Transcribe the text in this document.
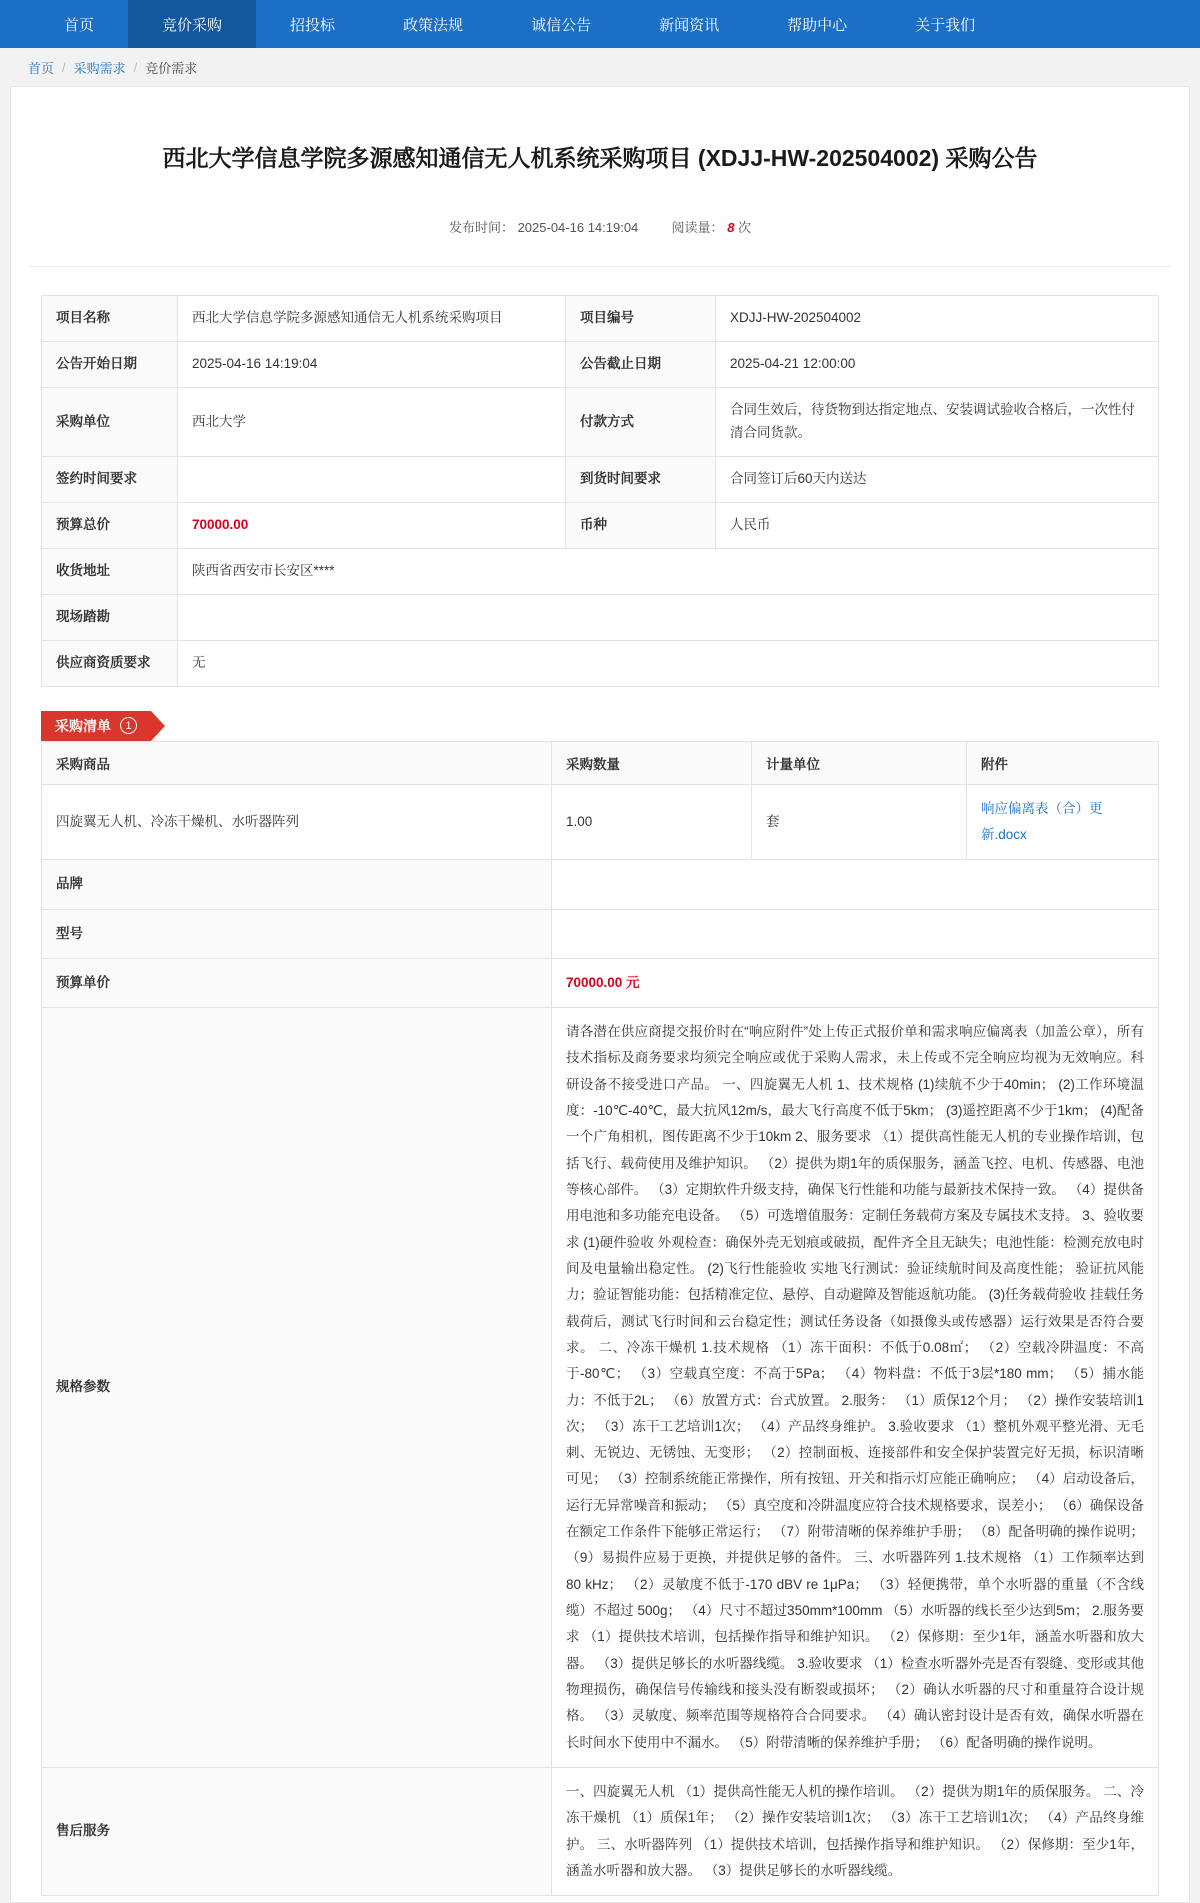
首页	竞价采购	招投标	政策法规	诚信公告	新闻资讯	帮助中心	关于我们
首页 / 采购需求 / 竞价需求
西北大学信息学院多源感知通信无人机系统采购项目 (XDJJ-HW-202504002) 采购公告
发布时间： 2025-04-16 14:19:04	阅读量： 8 次
项目名称	西北大学信息学院多源感知通信无人机系统采购项目	项目编号	XDJJ-HW-202504002
公告开始日期	2025-04-16 14:19:04	公告截止日期	2025-04-21 12:00:00
采购单位	西北大学	付款方式	合同生效后，待货物到达指定地点、安装调试验收合格后，一次性付清合同货款。
签约时间要求		到货时间要求	合同签订后60天内送达
预算总价	70000.00	币种	人民币
收货地址	陕西省西安市长安区****		
现场踏勘			
供应商资质要求	无		
采购清单	1
采购商品	采购数量	计量单位	附件
四旋翼无人机、冷冻干燥机、水听器阵列	1.00	套	响应偏离表（合）更新.docx
品牌			
型号			
预算单价	70000.00 元		
规格参数	请各潜在供应商提交报价时在“响应附件”处上传正式报价单和需求响应偏离表（加盖公章），所有技术指标及商务要求均须完全响应或优于采购人需求，未上传或不完全响应均视为无效响应。科研设备不接受进口产品。 一、四旋翼无人机 1、技术规格 (1)续航不少于40min； (2)工作环境温度：-10℃-40℃，最大抗风12m/s，最大飞行高度不低于5km； (3)遥控距离不少于1km； (4)配备一个广角相机，图传距离不少于10km 2、服务要求 （1）提供高性能无人机的专业操作培训，包括飞行、载荷使用及维护知识。 （2）提供为期1年的质保服务，涵盖飞控、电机、传感器、电池等核心部件。 （3）定期软件升级支持，确保飞行性能和功能与最新技术保持一致。 （4）提供备用电池和多功能充电设备。 （5）可选增值服务：定制任务载荷方案及专属技术支持。 3、验收要求 (1)硬件验收 外观检查：确保外壳无划痕或破损，配件齐全且无缺失；电池性能：检测充放电时间及电量输出稳定性。 (2)飞行性能验收 实地飞行测试：验证续航时间及高度性能； 验证抗风能力；验证智能功能：包括精准定位、悬停、自动避障及智能返航功能。 (3)任务载荷验收 挂载任务载荷后，测试飞行时间和云台稳定性；测试任务设备（如摄像头或传感器）运行效果是否符合要求。 二、冷冻干燥机 1.技术规格 （1）冻干面积：不低于0.08㎡； （2）空载冷阱温度：不高于-80℃； （3）空载真空度：不高于5Pa； （4）物料盘：不低于3层*180 mm； （5）捕水能力：不低于2L； （6）放置方式：台式放置。 2.服务： （1）质保12个月； （2）操作安装培训1次； （3）冻干工艺培训1次； （4）产品终身维护。 3.验收要求 （1）整机外观平整光滑、无毛刺、无锐边、无锈蚀、无变形； （2）控制面板、连接部件和安全保护装置完好无损，标识清晰可见； （3）控制系统能正常操作，所有按钮、开关和指示灯应能正确响应； （4）启动设备后，运行无异常噪音和振动； （5）真空度和冷阱温度应符合技术规格要求，误差小； （6）确保设备在额定工作条件下能够正常运行； （7）附带清晰的保养维护手册； （8）配备明确的操作说明； （9）易损件应易于更换，并提供足够的备件。 三、水听器阵列 1.技术规格 （1）工作频率达到80 kHz； （2）灵敏度不低于-170 dBV re 1μPa； （3）轻便携带，单个水听器的重量（不含线缆）不超过 500g； （4）尺寸不超过350mm*100mm （5）水听器的线长至少达到5m； 2.服务要求 （1）提供技术培训，包括操作指导和维护知识。 （2）保修期：至少1年，涵盖水听器和放大器。 （3）提供足够长的水听器线缆。 3.验收要求 （1）检查水听器外壳是否有裂缝、变形或其他物理损伤，确保信号传输线和接头没有断裂或损坏； （2）确认水听器的尺寸和重量符合设计规格。 （3）灵敏度、频率范围等规格符合合同要求。 （4）确认密封设计是否有效，确保水听器在长时间水下使用中不漏水。 （5）附带清晰的保养维护手册； （6）配备明确的操作说明。		
售后服务	一、四旋翼无人机 （1）提供高性能无人机的操作培训。 （2）提供为期1年的质保服务。 二、冷冻干燥机 （1）质保1年； （2）操作安装培训1次； （3）冻干工艺培训1次； （4）产品终身维护。 三、水听器阵列 （1）提供技术培训，包括操作指导和维护知识。 （2）保修期：至少1年，涵盖水听器和放大器。 （3）提供足够长的水听器线缆。		
